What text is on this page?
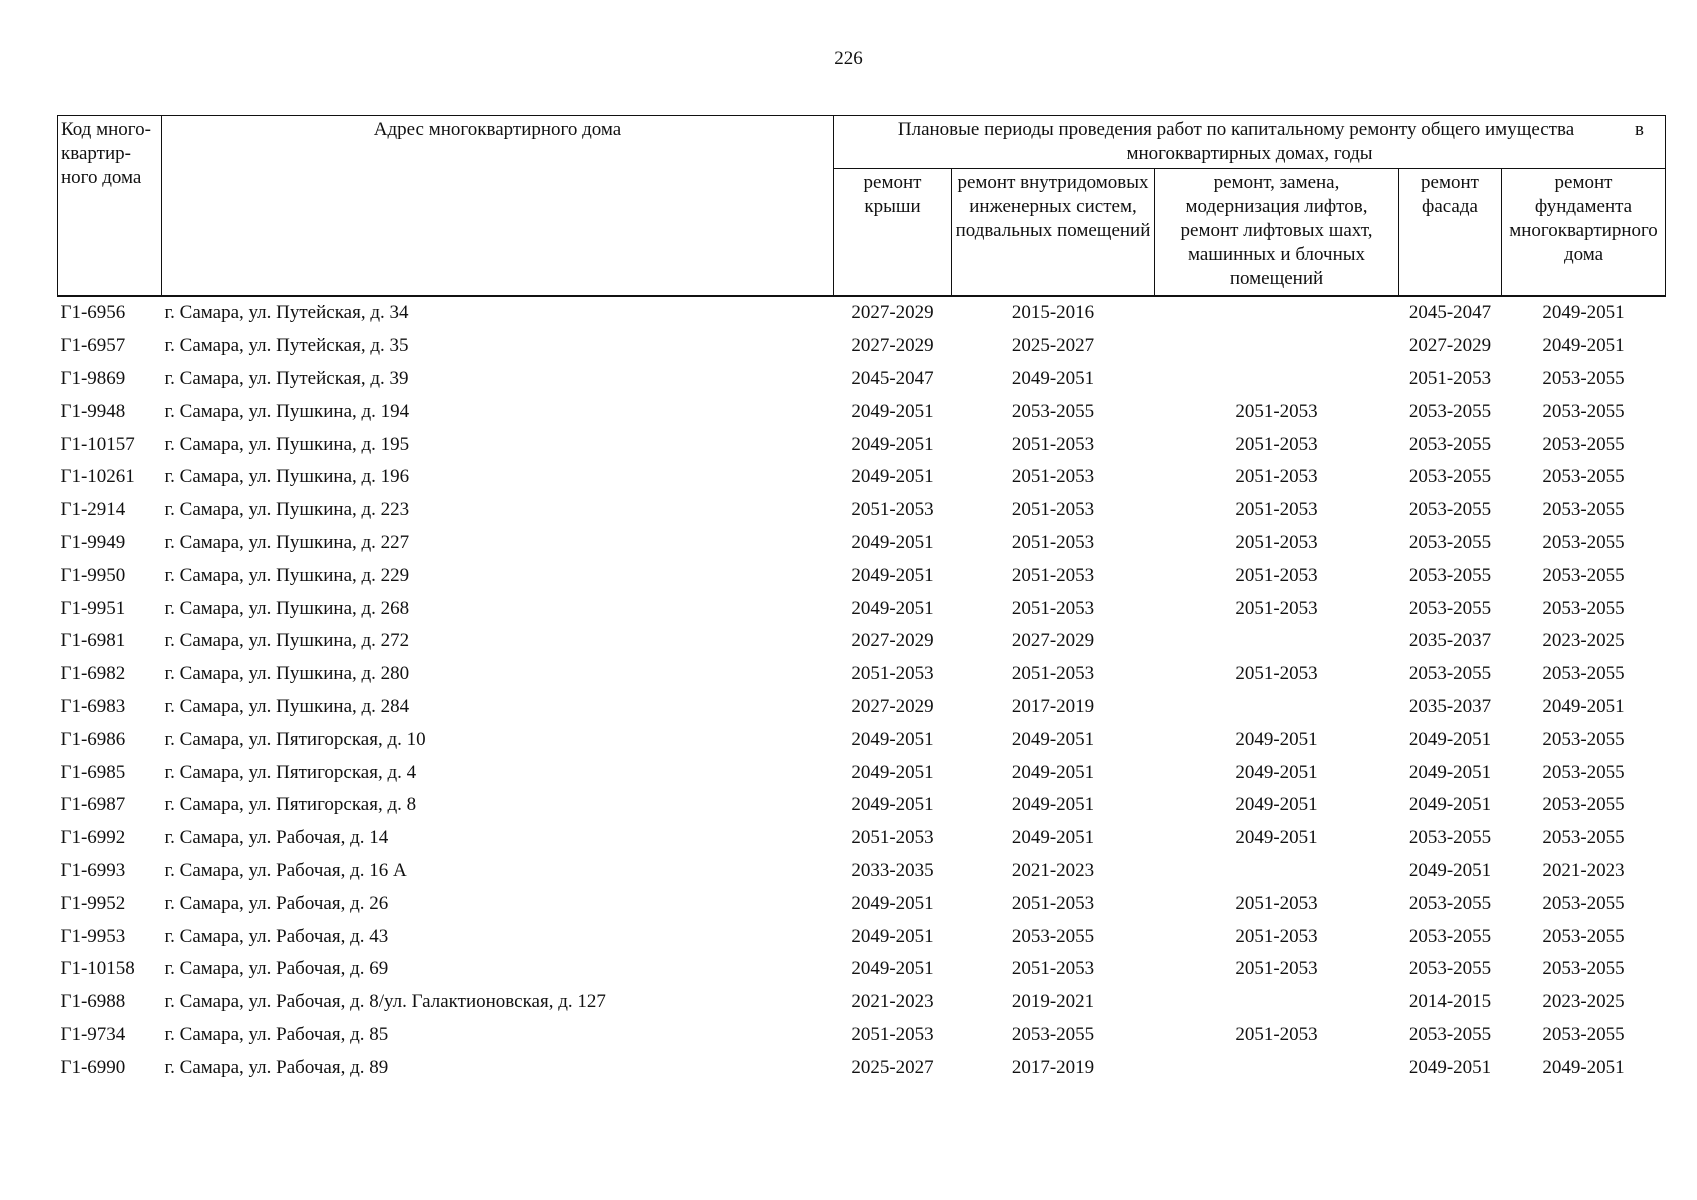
226
Код много-квартир-ного дома	Адрес многоквартирного дома	в
Плановые периоды проведения работ по капитальному ремонту общего имущества
многоквартирных домах, годы				
		ремонт крыши	ремонт внутридомовых инженерных систем, подвальных помещений	ремонт, замена, модернизация лифтов, ремонт лифтовых шахт, машинных и блочных помещений	ремонт фасада	ремонт фундамента многоквартирного дома
Г1-6956	г. Самара, ул. Путейская, д. 34	2027-2029	2015-2016		2045-2047	2049-2051
Г1-6957	г. Самара, ул. Путейская, д. 35	2027-2029	2025-2027		2027-2029	2049-2051
Г1-9869	г. Самара, ул. Путейская, д. 39	2045-2047	2049-2051		2051-2053	2053-2055
Г1-9948	г. Самара, ул. Пушкина, д. 194	2049-2051	2053-2055	2051-2053	2053-2055	2053-2055
Г1-10157	г. Самара, ул. Пушкина, д. 195	2049-2051	2051-2053	2051-2053	2053-2055	2053-2055
Г1-10261	г. Самара, ул. Пушкина, д. 196	2049-2051	2051-2053	2051-2053	2053-2055	2053-2055
Г1-2914	г. Самара, ул. Пушкина, д. 223	2051-2053	2051-2053	2051-2053	2053-2055	2053-2055
Г1-9949	г. Самара, ул. Пушкина, д. 227	2049-2051	2051-2053	2051-2053	2053-2055	2053-2055
Г1-9950	г. Самара, ул. Пушкина, д. 229	2049-2051	2051-2053	2051-2053	2053-2055	2053-2055
Г1-9951	г. Самара, ул. Пушкина, д. 268	2049-2051	2051-2053	2051-2053	2053-2055	2053-2055
Г1-6981	г. Самара, ул. Пушкина, д. 272	2027-2029	2027-2029		2035-2037	2023-2025
Г1-6982	г. Самара, ул. Пушкина, д. 280	2051-2053	2051-2053	2051-2053	2053-2055	2053-2055
Г1-6983	г. Самара, ул. Пушкина, д. 284	2027-2029	2017-2019		2035-2037	2049-2051
Г1-6986	г. Самара, ул. Пятигорская, д. 10	2049-2051	2049-2051	2049-2051	2049-2051	2053-2055
Г1-6985	г. Самара, ул. Пятигорская, д. 4	2049-2051	2049-2051	2049-2051	2049-2051	2053-2055
Г1-6987	г. Самара, ул. Пятигорская, д. 8	2049-2051	2049-2051	2049-2051	2049-2051	2053-2055
Г1-6992	г. Самара, ул. Рабочая, д. 14	2051-2053	2049-2051	2049-2051	2053-2055	2053-2055
Г1-6993	г. Самара, ул. Рабочая, д. 16 А	2033-2035	2021-2023		2049-2051	2021-2023
Г1-9952	г. Самара, ул. Рабочая, д. 26	2049-2051	2051-2053	2051-2053	2053-2055	2053-2055
Г1-9953	г. Самара, ул. Рабочая, д. 43	2049-2051	2053-2055	2051-2053	2053-2055	2053-2055
Г1-10158	г. Самара, ул. Рабочая, д. 69	2049-2051	2051-2053	2051-2053	2053-2055	2053-2055
Г1-6988	г. Самара, ул. Рабочая, д. 8/ул. Галактионовская, д. 127	2021-2023	2019-2021		2014-2015	2023-2025
Г1-9734	г. Самара, ул. Рабочая, д. 85	2051-2053	2053-2055	2051-2053	2053-2055	2053-2055
Г1-6990	г. Самара, ул. Рабочая, д. 89	2025-2027	2017-2019		2049-2051	2049-2051
